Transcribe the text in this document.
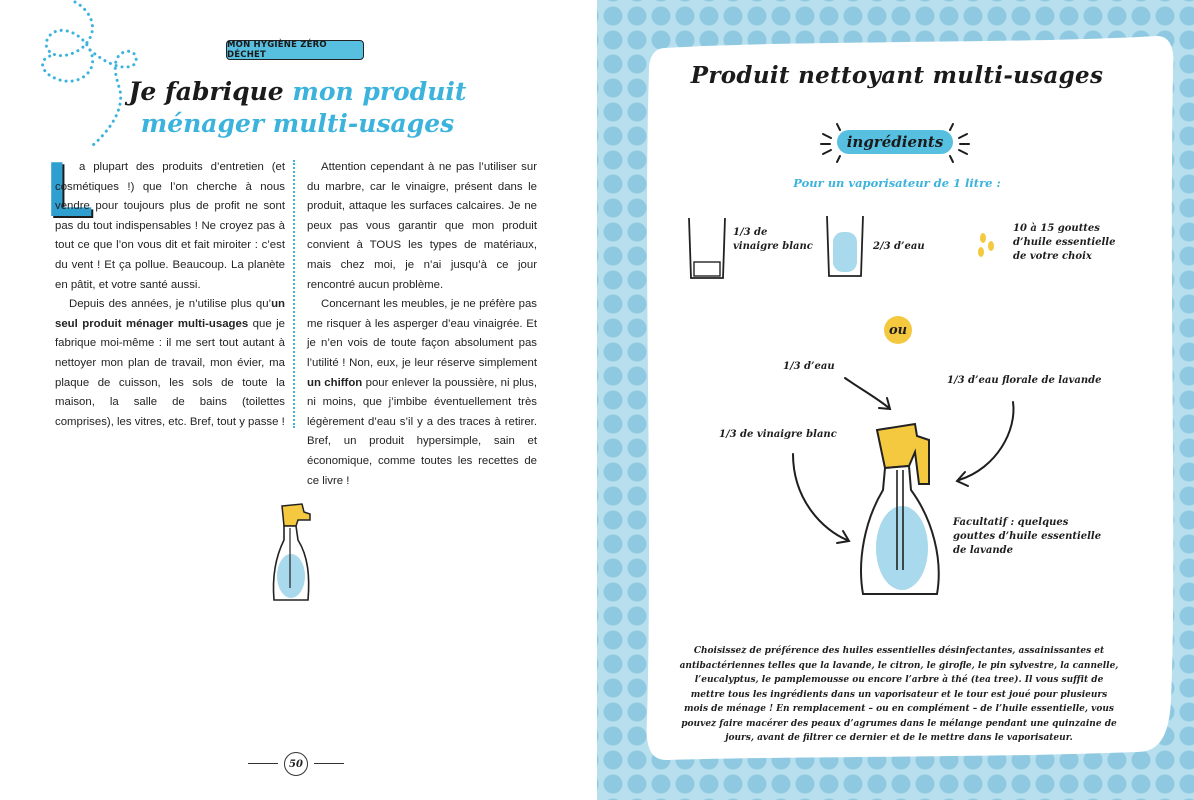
MON HYGIÈNE ZÉRO DÉCHET
Je fabrique mon produit
ménager multi-usages
L

a plupart des produits d’entretien (et cosmétiques !) que l’on cherche à nous vendre pour toujours plus de profit ne sont pas du tout indispensables ! Ne croyez pas à tout ce que l’on vous dit et fait miroiter : c’est du vent ! Et ça pollue. Beaucoup. La planète en pâtit, et votre santé aussi.

Depuis des années, je n’utilise plus qu’un seul produit ménager multi-usages que je fabrique moi-même : il me sert tout autant à nettoyer mon plan de travail, mon évier, ma plaque de cuisson, les sols de toute la maison, la salle de bains (toilettes comprises), les vitres, etc. Bref, tout y passe !

Attention cependant à ne pas l’utiliser sur du marbre, car le vinaigre, présent dans le produit, attaque les surfaces calcaires. Je ne peux pas vous garantir que mon produit convient à TOUS les types de matériaux, mais chez moi, je n’ai jusqu’à ce jour rencontré aucun problème.

Concernant les meubles, je ne préfère pas me risquer à les asperger d’eau vinaigrée. Et je n’en vois de toute façon absolument pas l’utilité ! Non, eux, je leur réserve simplement un chiffon pour enlever la poussière, ni plus, ni moins, que j’imbibe éventuellement très légèrement d’eau s’il y a des traces à retirer. Bref, un produit hypersimple, sain et économique, comme toutes les recettes de ce livre !

50
Produit nettoyant multi-usages
ingrédients
Pour un vaporisateur de 1 litre :
1/3 de vinaigre blanc	2/3 d’eau
10 à 15 gouttes d’huile essentielle de votre choix
ou
1/3 d’eau
1/3 d’eau florale de lavande
1/3 de vinaigre blanc
Facultatif : quelques gouttes d’huile essentielle de lavande
Choisissez de préférence des huiles essentielles désinfectantes, assainissantes et antibactériennes telles que la lavande, le citron, le girofle, le pin sylvestre, la cannelle, l’eucalyptus, le pamplemousse ou encore l’arbre à thé (tea tree). Il vous suffit de mettre tous les ingrédients dans un vaporisateur et le tour est joué pour plusieurs mois de ménage ! En remplacement – ou en complément – de l’huile essentielle, vous pouvez faire macérer des peaux d’agrumes dans le mélange pendant une quinzaine de jours, avant de filtrer ce dernier et de le mettre dans le vaporisateur.
